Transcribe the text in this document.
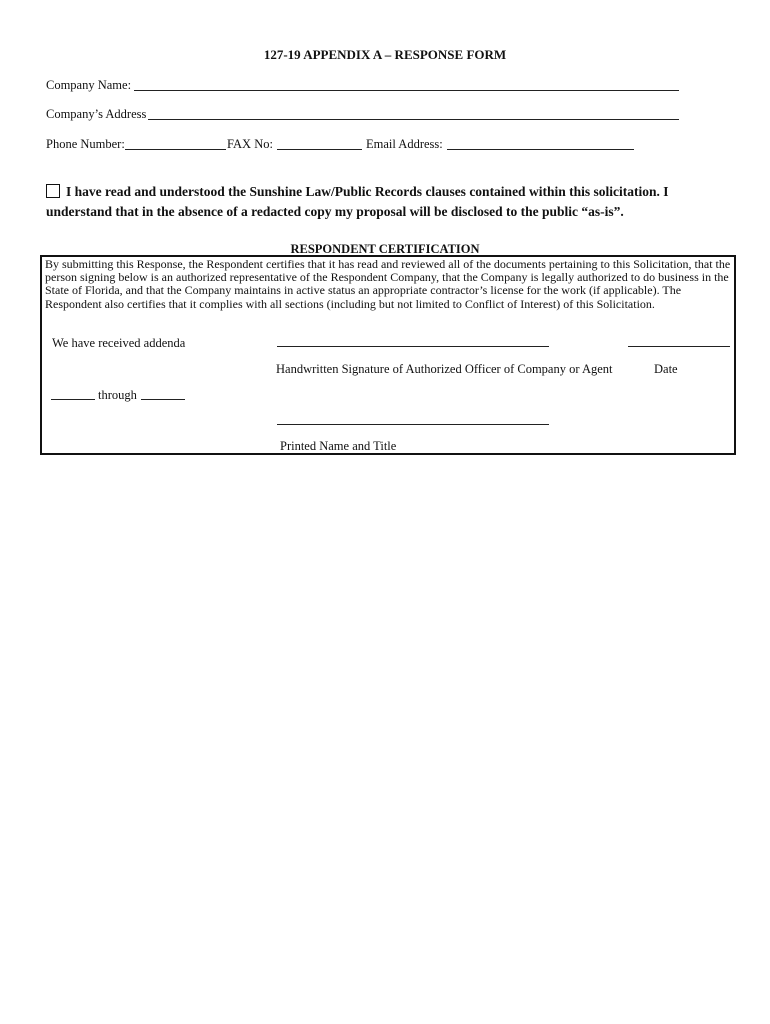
127-19 APPENDIX A – RESPONSE FORM
Company Name:
Company’s Address
Phone Number:	FAX No:	Email Address:
I have read and understood the Sunshine Law/Public Records clauses contained within this solicitation. I understand that in the absence of a redacted copy my proposal will be disclosed to the public “as-is”.
RESPONDENT CERTIFICATION
By submitting this Response, the Respondent certifies that it has read and reviewed all of the documents pertaining to this Solicitation, that the person signing below is an authorized representative of the Respondent Company, that the Company is legally authorized to do business in the State of Florida, and that the Company maintains in active status an appropriate contractor’s license for the work (if applicable). The Respondent also certifies that it complies with all sections (including but not limited to Conflict of Interest) of this Solicitation.
We have received addenda
through
Handwritten Signature of Authorized Officer of Company or Agent	Date
Printed Name and Title
